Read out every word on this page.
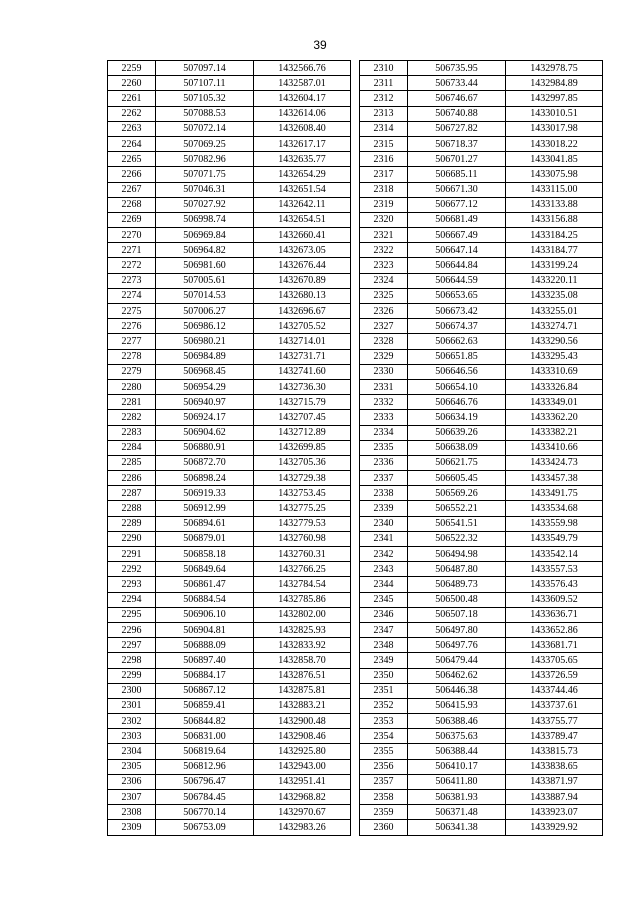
39
2259	507097.14	1432566.76
2260	507107.11	1432587.01
2261	507105.32	1432604.17
2262	507088.53	1432614.06
2263	507072.14	1432608.40
2264	507069.25	1432617.17
2265	507082.96	1432635.77
2266	507071.75	1432654.29
2267	507046.31	1432651.54
2268	507027.92	1432642.11
2269	506998.74	1432654.51
2270	506969.84	1432660.41
2271	506964.82	1432673.05
2272	506981.60	1432676.44
2273	507005.61	1432670.89
2274	507014.53	1432680.13
2275	507006.27	1432696.67
2276	506986.12	1432705.52
2277	506980.21	1432714.01
2278	506984.89	1432731.71
2279	506968.45	1432741.60
2280	506954.29	1432736.30
2281	506940.97	1432715.79
2282	506924.17	1432707.45
2283	506904.62	1432712.89
2284	506880.91	1432699.85
2285	506872.70	1432705.36
2286	506898.24	1432729.38
2287	506919.33	1432753.45
2288	506912.99	1432775.25
2289	506894.61	1432779.53
2290	506879.01	1432760.98
2291	506858.18	1432760.31
2292	506849.64	1432766.25
2293	506861.47	1432784.54
2294	506884.54	1432785.86
2295	506906.10	1432802.00
2296	506904.81	1432825.93
2297	506888.09	1432833.92
2298	506897.40	1432858.70
2299	506884.17	1432876.51
2300	506867.12	1432875.81
2301	506859.41	1432883.21
2302	506844.82	1432900.48
2303	506831.00	1432908.46
2304	506819.64	1432925.80
2305	506812.96	1432943.00
2306	506796.47	1432951.41
2307	506784.45	1432968.82
2308	506770.14	1432970.67
2309	506753.09	1432983.26
2310	506735.95	1432978.75
2311	506733.44	1432984.89
2312	506746.67	1432997.85
2313	506740.88	1433010.51
2314	506727.82	1433017.98
2315	506718.37	1433018.22
2316	506701.27	1433041.85
2317	506685.11	1433075.98
2318	506671.30	1433115.00
2319	506677.12	1433133.88
2320	506681.49	1433156.88
2321	506667.49	1433184.25
2322	506647.14	1433184.77
2323	506644.84	1433199.24
2324	506644.59	1433220.11
2325	506653.65	1433235.08
2326	506673.42	1433255.01
2327	506674.37	1433274.71
2328	506662.63	1433290.56
2329	506651.85	1433295.43
2330	506646.56	1433310.69
2331	506654.10	1433326.84
2332	506646.76	1433349.01
2333	506634.19	1433362.20
2334	506639.26	1433382.21
2335	506638.09	1433410.66
2336	506621.75	1433424.73
2337	506605.45	1433457.38
2338	506569.26	1433491.75
2339	506552.21	1433534.68
2340	506541.51	1433559.98
2341	506522.32	1433549.79
2342	506494.98	1433542.14
2343	506487.80	1433557.53
2344	506489.73	1433576.43
2345	506500.48	1433609.52
2346	506507.18	1433636.71
2347	506497.80	1433652.86
2348	506497.76	1433681.71
2349	506479.44	1433705.65
2350	506462.62	1433726.59
2351	506446.38	1433744.46
2352	506415.93	1433737.61
2353	506388.46	1433755.77
2354	506375.63	1433789.47
2355	506388.44	1433815.73
2356	506410.17	1433838.65
2357	506411.80	1433871.97
2358	506381.93	1433887.94
2359	506371.48	1433923.07
2360	506341.38	1433929.92
